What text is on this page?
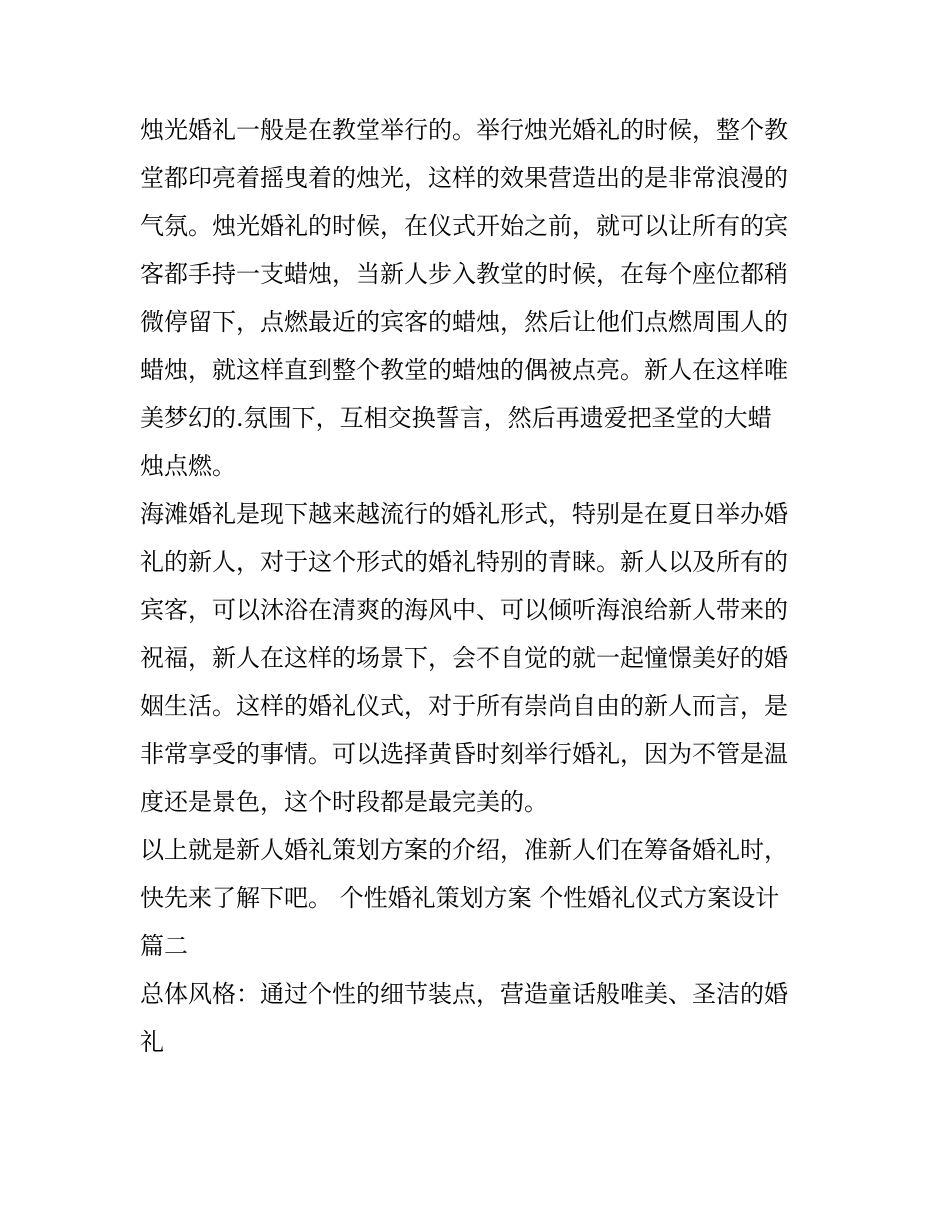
烛光婚礼一般是在教堂举行的。举行烛光婚礼的时候，整个教
堂都印亮着摇曳着的烛光，这样的效果营造出的是非常浪漫的
气氛。烛光婚礼的时候，在仪式开始之前，就可以让所有的宾
客都手持一支蜡烛，当新人步入教堂的时候，在每个座位都稍
微停留下，点燃最近的宾客的蜡烛，然后让他们点燃周围人的
蜡烛，就这样直到整个教堂的蜡烛的偶被点亮。新人在这样唯
美梦幻的.氛围下，互相交换誓言，然后再遗爱把圣堂的大蜡
烛点燃。

海滩婚礼是现下越来越流行的婚礼形式，特别是在夏日举办婚
礼的新人，对于这个形式的婚礼特别的青睐。新人以及所有的
宾客，可以沐浴在清爽的海风中、可以倾听海浪给新人带来的
祝福，新人在这样的场景下，会不自觉的就一起憧憬美好的婚
姻生活。这样的婚礼仪式，对于所有崇尚自由的新人而言，是
非常享受的事情。可以选择黄昏时刻举行婚礼，因为不管是温
度还是景色，这个时段都是最完美的。

以上就是新人婚礼策划方案的介绍，准新人们在筹备婚礼时，
快先来了解下吧。 个性婚礼策划方案 个性婚礼仪式方案设计
篇二

总体风格：通过个性的细节装点，营造童话般唯美、圣洁的婚
礼
